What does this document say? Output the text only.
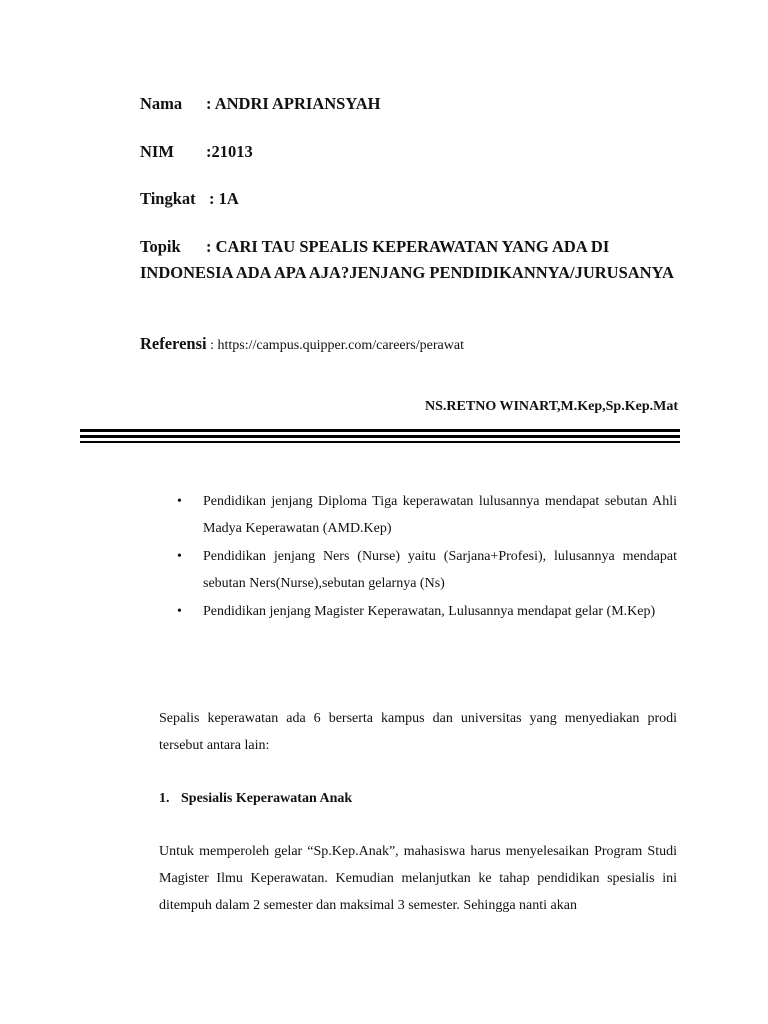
Nama : ANDRI APRIANSYAH
NIM :21013
Tingkat : 1A
Topik : CARI TAU SPEALIS KEPERAWATAN YANG ADA DI INDONESIA ADA APA AJA?JENJANG PENDIDIKANNYA/JURUSANYA
Referensi : https://campus.quipper.com/careers/perawat
NS.RETNO WINART,M.Kep,Sp.Kep.Mat
• Pendidikan jenjang Diploma Tiga keperawatan lulusannya mendapat sebutan Ahli Madya Keperawatan (AMD.Kep)
• Pendidikan jenjang Ners (Nurse) yaitu (Sarjana+Profesi), lulusannya mendapat sebutan Ners(Nurse),sebutan gelarnya (Ns)
• Pendidikan jenjang Magister Keperawatan, Lulusannya mendapat gelar (M.Kep)
Sepalis keperawatan ada 6 berserta kampus dan universitas yang menyediakan prodi tersebut antara lain:
1. Spesialis Keperawatan Anak
Untuk memperoleh gelar “Sp.Kep.Anak”, mahasiswa harus menyelesaikan Program Studi Magister Ilmu Keperawatan. Kemudian melanjutkan ke tahap pendidikan spesialis ini ditempuh dalam 2 semester dan maksimal 3 semester. Sehingga nanti akan
